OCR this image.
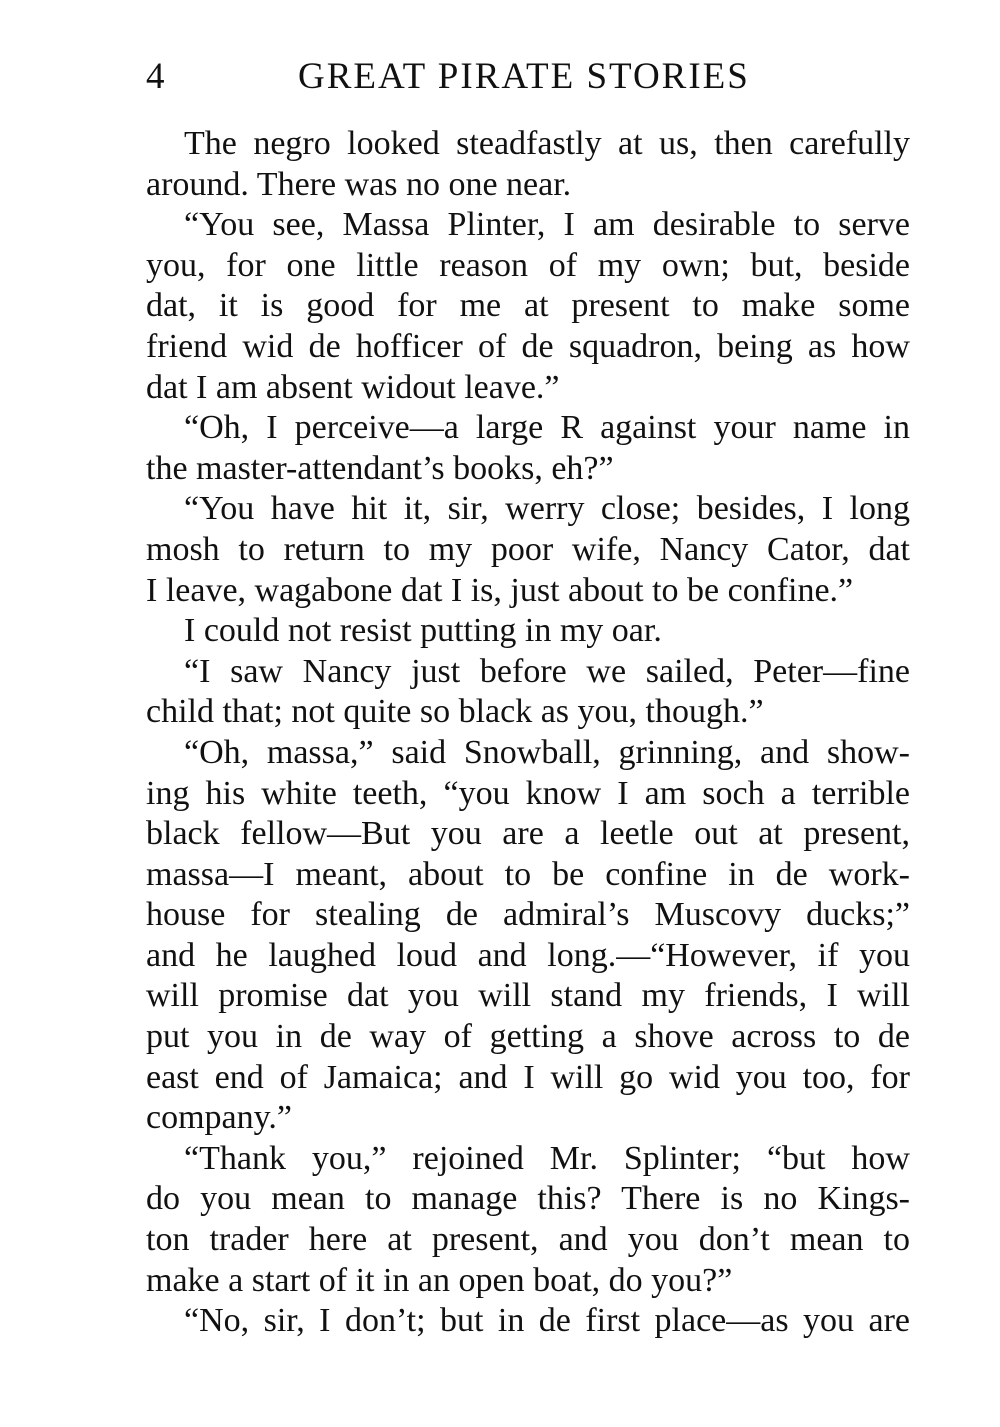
4	GREAT PIRATE STORIES
The negro looked steadfastly at us, then carefully
around. There was no one near.
“You see, Massa Plinter, I am desirable to serve
you, for one little reason of my own; but, beside
dat, it is good for me at present to make some
friend wid de hofficer of de squadron, being as how
dat I am absent widout leave.”
“Oh, I perceive—a large R against your name in
the master-attendant’s books, eh?”
“You have hit it, sir, werry close; besides, I long
mosh to return to my poor wife, Nancy Cator, dat
I leave, wagabone dat I is, just about to be confine.”
I could not resist putting in my oar.
“I saw Nancy just before we sailed, Peter—fine
child that; not quite so black as you, though.”
“Oh, massa,” said Snowball, grinning, and show-
ing his white teeth, “you know I am soch a terrible
black fellow—But you are a leetle out at present,
massa—I meant, about to be confine in de work-
house for stealing de admiral’s Muscovy ducks;”
and he laughed loud and long.—“However, if you
will promise dat you will stand my friends, I will
put you in de way of getting a shove across to de
east end of Jamaica; and I will go wid you too, for
company.”
“Thank you,” rejoined Mr. Splinter; “but how
do you mean to manage this? There is no Kings-
ton trader here at present, and you don’t mean to
make a start of it in an open boat, do you?”
“No, sir, I don’t; but in de first place—as you are
